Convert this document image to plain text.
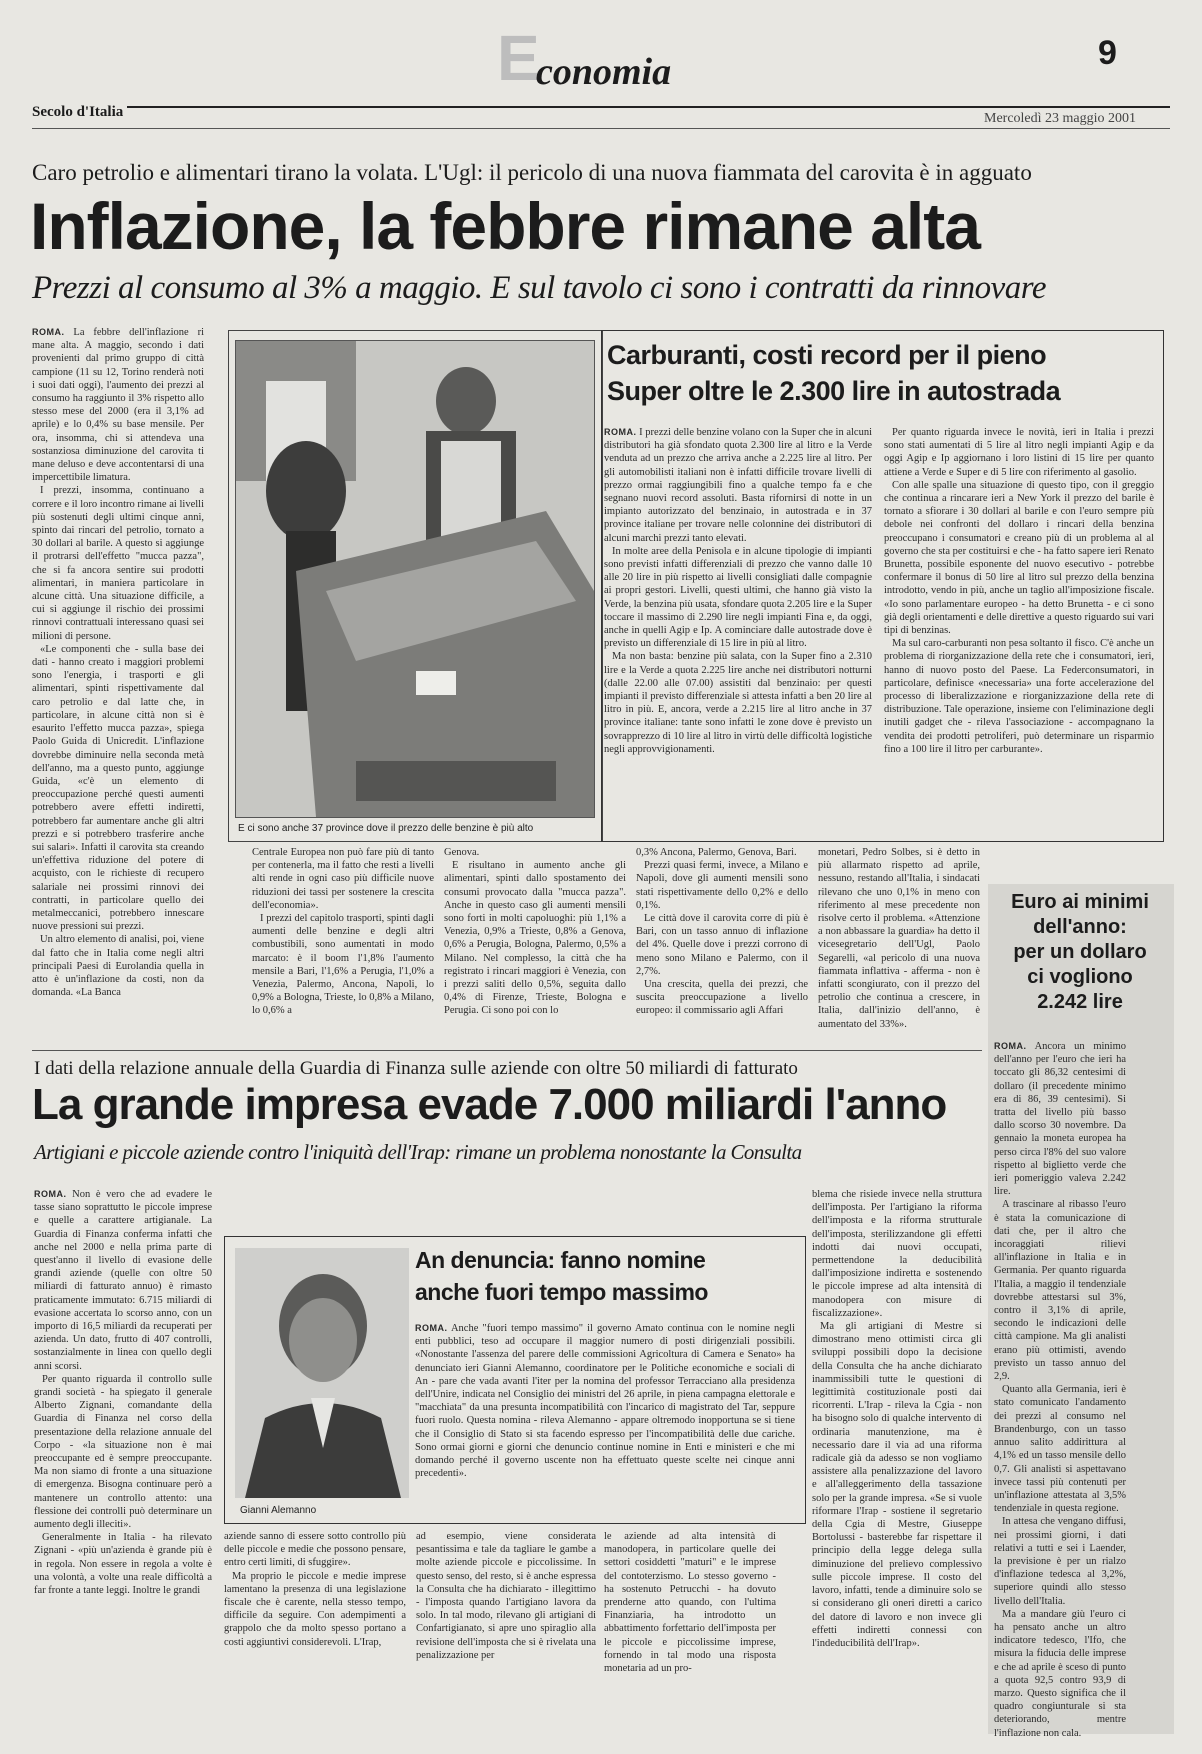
E
conomia	9
Secolo d'Italia	Mercoledì 23 maggio 2001
Caro petrolio e alimentari tirano la volata. L'Ugl: il pericolo di una nuova fiammata del carovita è in agguato
Inflazione, la febbre rimane alta
Prezzi al consumo al 3% a maggio. E sul tavolo ci sono i contratti da rinnovare

ROMA. La febbre dell'inflazione ri mane alta. A maggio, secondo i dati provenienti dal primo gruppo di città campione (11 su 12, Torino renderà noti i suoi dati oggi), l'aumento dei prezzi al consumo ha raggiunto il 3% rispetto allo stesso mese del 2000 (era il 3,1% ad aprile) e lo 0,4% su base mensile. Per ora, insomma, chi si attendeva una sostanziosa diminuzione del carovita ti mane deluso e deve accontentarsi di una impercettibile limatura.

I prezzi, insomma, continuano a correre e il loro incontro rimane ai livelli più sostenuti degli ultimi cinque anni, spinto dai rincari del petrolio, tornato a 30 dollari al barile. A questo si aggiunge il protrarsi dell'effetto "mucca pazza", che si fa ancora sentire sui prodotti alimentari, in maniera particolare in alcune città. Una situazione difficile, a cui si aggiunge il rischio dei prossimi rinnovi contrattuali interessano quasi sei milioni di persone.

«Le componenti che - sulla base dei dati - hanno creato i maggiori problemi sono l'energia, i trasporti e gli alimentari, spinti rispettivamente dal caro petrolio e dal latte che, in particolare, in alcune città non si è esaurito l'effetto mucca pazza», spiega Paolo Guida di Unicredit. L'inflazione dovrebbe diminuire nella seconda metà dell'anno, ma a questo punto, aggiunge Guida, «c'è un elemento di preoccupazione perché questi aumenti potrebbero avere effetti indiretti, potrebbero far aumentare anche gli altri prezzi e si potrebbero trasferire anche sui salari». Infatti il carovita sta creando un'effettiva riduzione del potere di acquisto, con le richieste di recupero salariale nei prossimi rinnovi dei contratti, in particolare quello dei metalmeccanici, potrebbero innescare nuove pressioni sui prezzi.

Un altro elemento di analisi, poi, viene dal fatto che in Italia come negli altri principali Paesi di Eurolandia quella in atto è un'inflazione da costi, non da domanda. «La Banca

E ci sono anche 37 province dove il prezzo delle benzine è più alto
Carburanti, costi record per il pieno
Super oltre le 2.300 lire in autostrada

ROMA. I prezzi delle benzine volano con la Super che in alcuni distributori ha già sfondato quota 2.300 lire al litro e la Verde venduta ad un prezzo che arriva anche a 2.225 lire al litro. Per gli automobilisti italiani non è infatti difficile trovare livelli di prezzo ormai raggiungibili fino a qualche tempo fa e che segnano nuovi record assoluti. Basta rifornirsi di notte in un impianto autorizzato del benzinaio, in autostrada e in 37 province italiane per trovare nelle colonnine dei distributori di alcuni marchi prezzi tanto elevati.

In molte aree della Penisola e in alcune tipologie di impianti sono previsti infatti differenziali di prezzo che vanno dalle 10 alle 20 lire in più rispetto ai livelli consigliati dalle compagnie ai propri gestori. Livelli, questi ultimi, che hanno già visto la Verde, la benzina più usata, sfondare quota 2.205 lire e la Super toccare il massimo di 2.290 lire negli impianti Fina e, da oggi, anche in quelli Agip e Ip. A cominciare dalle autostrade dove è previsto un differenziale di 15 lire in più al litro.

Ma non basta: benzine più salata, con la Super fino a 2.310 lire e la Verde a quota 2.225 lire anche nei distributori notturni (dalle 22.00 alle 07.00) assistiti dal benzinaio: per questi impianti il previsto differenziale si attesta infatti a ben 20 lire al litro in più. E, ancora, verde a 2.215 lire al litro anche in 37 province italiane: tante sono infatti le zone dove è previsto un sovrapprezzo di 10 lire al litro in virtù delle difficoltà logistiche negli approvvigionamenti.

Per quanto riguarda invece le novità, ieri in Italia i prezzi sono stati aumentati di 5 lire al litro negli impianti Agip e da oggi Agip e Ip aggiornano i loro listini di 15 lire per quanto attiene a Verde e Super e di 5 lire con riferimento al gasolio.

Con alle spalle una situazione di questo tipo, con il greggio che continua a rincarare ieri a New York il prezzo del barile è tornato a sfiorare i 30 dollari al barile e con l'euro sempre più debole nei confronti del dollaro i rincari della benzina preoccupano i consumatori e creano più di un problema al al governo che sta per costituirsi e che - ha fatto sapere ieri Renato Brunetta, possibile esponente del nuovo esecutivo - potrebbe confermare il bonus di 50 lire al litro sul prezzo della benzina introdotto, vendo in più, anche un taglio all'imposizione fiscale. «Io sono parlamentare europeo - ha detto Brunetta - e ci sono già degli orientamenti e delle direttive a questo riguardo sui vari tipi di benzinas.

Ma sul caro-carburanti non pesa soltanto il fisco. C'è anche un problema di riorganizzazione della rete che i consumatori, ieri, hanno di nuovo posto del Paese. La Federconsumatori, in particolare, definisce «necessaria» una forte accelerazione del processo di liberalizzazione e riorganizzazione della rete di distribuzione. Tale operazione, insieme con l'eliminazione degli inutili gadget che - rileva l'associazione - accompagnano la vendita dei prodotti petroliferi, può determinare un risparmio fino a 100 lire il litro per carburante».

Centrale Europea non può fare più di tanto per contenerla, ma il fatto che resti a livelli alti rende in ogni caso più difficile nuove riduzioni dei tassi per sostenere la crescita dell'economia».

I prezzi del capitolo trasporti, spinti dagli aumenti delle benzine e degli altri combustibili, sono aumentati in modo marcato: è il boom l'1,8% l'aumento mensile a Bari, l'1,6% a Perugia, l'1,0% a Venezia, Palermo, Ancona, Napoli, lo 0,9% a Bologna, Trieste, lo 0,8% a Milano, lo 0,6% a

Genova.

E risultano in aumento anche gli alimentari, spinti dallo spostamento dei consumi provocato dalla "mucca pazza". Anche in questo caso gli aumenti mensili sono forti in molti capoluoghi: più 1,1% a Venezia, 0,9% a Trieste, 0,8% a Genova, 0,6% a Perugia, Bologna, Palermo, 0,5% a Milano. Nel complesso, la città che ha registrato i rincari maggiori è Venezia, con i prezzi saliti dello 0,5%, seguita dallo 0,4% di Firenze, Trieste, Bologna e Perugia. Ci sono poi con lo

0,3% Ancona, Palermo, Genova, Bari.

Prezzi quasi fermi, invece, a Milano e Napoli, dove gli aumenti mensili sono stati rispettivamente dello 0,2% e dello 0,1%.

Le città dove il carovita corre di più è Bari, con un tasso annuo di inflazione del 4%. Quelle dove i prezzi corrono di meno sono Milano e Palermo, con il 2,7%.

Una crescita, quella dei prezzi, che suscita preoccupazione a livello europeo: il commissario agli Affari

monetari, Pedro Solbes, si è detto in più allarmato rispetto ad aprile, nessuno, restando all'Italia, i sindacati rilevano che uno 0,1% in meno con riferimento al mese precedente non risolve certo il problema. «Attenzione a non abbassare la guardia» ha detto il vicesegretario dell'Ugl, Paolo Segarelli, «al pericolo di una nuova fiammata inflattiva - afferma - non è infatti scongiurato, con il prezzo del petrolio che continua a crescere, in Italia, dall'inizio dell'anno, è aumentato del 33%».

Euro ai minimi
dell'anno:
per un dollaro
ci vogliono
2.242 lire

ROMA. Ancora un minimo dell'anno per l'euro che ieri ha toccato gli 86,32 centesimi di dollaro (il precedente minimo era di 86, 39 centesimi). Si tratta del livello più basso dallo scorso 30 novembre. Da gennaio la moneta europea ha perso circa l'8% del suo valore rispetto al biglietto verde che ieri pomeriggio valeva 2.242 lire.

A trascinare al ribasso l'euro è stata la comunicazione di dati che, per il altro che incoraggiati rilievi all'inflazione in Italia e in Germania. Per quanto riguarda l'Italia, a maggio il tendenziale dovrebbe attestarsi sul 3%, contro il 3,1% di aprile, secondo le indicazioni delle città campione. Ma gli analisti erano più ottimisti, avendo previsto un tasso annuo del 2,9.

Quanto alla Germania, ieri è stato comunicato l'andamento dei prezzi al consumo nel Brandenburgo, con un tasso annuo salito addirittura al 4,1% ed un tasso mensile dello 0,7. Gli analisti si aspettavano invece tassi più contenuti per un'inflazione attestata al 3,5% tendenziale in questa regione.

In attesa che vengano diffusi, nei prossimi giorni, i dati relativi a tutti e sei i Laender, la previsione è per un rialzo d'inflazione tedesca al 3,2%, superiore quindi allo stesso livello dell'Italia.

Ma a mandare giù l'euro ci ha pensato anche un altro indicatore tedesco, l'Ifo, che misura la fiducia delle imprese e che ad aprile è sceso di punto a quota 92,5 contro 93,9 di marzo. Questo significa che il quadro congiunturale si sta deteriorando, mentre l'inflazione non cala.

I dati della relazione annuale della Guardia di Finanza sulle aziende con oltre 50 miliardi di fatturato
La grande impresa evade 7.000 miliardi l'anno
Artigiani e piccole aziende contro l'iniquità dell'Irap: rimane un problema nonostante la Consulta

ROMA. Non è vero che ad evadere le tasse siano soprattutto le piccole imprese e quelle a carattere artigianale. La Guardia di Finanza conferma infatti che anche nel 2000 e nella prima parte di quest'anno il livello di evasione delle grandi aziende (quelle con oltre 50 miliardi di fatturato annuo) è rimasto praticamente immutato: 6.715 miliardi di evasione accertata lo scorso anno, con un importo di 16,5 miliardi da recuperati per azienda. Un dato, frutto di 407 controlli, sostanzialmente in linea con quello degli anni scorsi.

Per quanto riguarda il controllo sulle grandi società - ha spiegato il generale Alberto Zignani, comandante della Guardia di Finanza nel corso della presentazione della relazione annuale del Corpo - «la situazione non è mai preoccupante ed è sempre preoccupante. Ma non siamo di fronte a una situazione di emergenza. Bisogna continuare però a mantenere un controllo attento: una flessione dei controlli può determinare un aumento degli illeciti».

Generalmente in Italia - ha rilevato Zignani - «più un'azienda è grande più è in regola. Non essere in regola a volte è una volontà, a volte una reale difficoltà a far fronte a tante leggi. Inoltre le grandi

Gianni Alemanno
An denuncia: fanno nomine
anche fuori tempo massimo

ROMA. Anche "fuori tempo massimo" il governo Amato continua con le nomine negli enti pubblici, teso ad occupare il maggior numero di posti dirigenziali possibili. «Nonostante l'assenza del parere delle commissioni Agricoltura di Camera e Senato» ha denunciato ieri Gianni Alemanno, coordinatore per le Politiche economiche e sociali di An - pare che vada avanti l'iter per la nomina del professor Terracciano alla presidenza dell'Unire, indicata nel Consiglio dei ministri del 26 aprile, in piena campagna elettorale e "macchiata" da una presunta incompatibilità con l'incarico di magistrato del Tar, seppure fuori ruolo. Questa nomina - rileva Alemanno - appare oltremodo inopportuna se si tiene che il Consiglio di Stato si sta facendo espresso per l'incompatibilità delle due cariche. Sono ormai giorni e giorni che denuncio continue nomine in Enti e ministeri e che mi domando perché il governo uscente non ha effettuato queste scelte nei cinque anni precedenti».

aziende sanno di essere sotto controllo più delle piccole e medie che possono pensare, entro certi limiti, di sfuggire».

Ma proprio le piccole e medie imprese lamentano la presenza di una legislazione fiscale che è carente, nella stesso tempo, difficile da seguire. Con adempimenti a grappolo che da molto spesso portano a costi aggiuntivi considerevoli. L'Irap,

ad esempio, viene considerata pesantissima e tale da tagliare le gambe a molte aziende piccole e piccolissime. In questo senso, del resto, si è anche espressa la Consulta che ha dichiarato - illegittimo - l'imposta quando l'artigiano lavora da solo. In tal modo, rilevano gli artigiani di Confartigianato, si apre uno spiraglio alla revisione dell'imposta che si è rivelata una penalizzazione per

le aziende ad alta intensità di manodopera, in particolare quelle dei settori cosiddetti "maturi" e le imprese del contoterzismo. Lo stesso governo - ha sostenuto Petrucchi - ha dovuto prenderne atto quando, con l'ultima Finanziaria, ha introdotto un abbattimento forfettario dell'imposta per le piccole e piccolissime imprese, fornendo in tal modo una risposta monetaria ad un pro-

blema che risiede invece nella struttura dell'imposta. Per l'artigiano la riforma dell'imposta e la riforma strutturale dell'imposta, sterilizzandone gli effetti indotti dai nuovi occupati, permettendone la deducibilità dall'imposizione indiretta e sostenendo le piccole imprese ad alta intensità di manodopera con misure di fiscalizzazione».

Ma gli artigiani di Mestre si dimostrano meno ottimisti circa gli sviluppi possibili dopo la decisione della Consulta che ha anche dichiarato inammissibili tutte le questioni di legittimità costituzionale posti dai ricorrenti. L'Irap - rileva la Cgia - non ha bisogno solo di qualche intervento di ordinaria manutenzione, ma è necessario dare il via ad una riforma radicale già da adesso se non vogliamo assistere alla penalizzazione del lavoro e all'alleggerimento della tassazione solo per la grande impresa. «Se si vuole riformare l'Irap - sostiene il segretario della Cgia di Mestre, Giuseppe Bortolussi - basterebbe far rispettare il principio della legge delega sulla diminuzione del prelievo complessivo sulle piccole imprese. Il costo del lavoro, infatti, tende a diminuire solo se si considerano gli oneri diretti a carico del datore di lavoro e non invece gli effetti indiretti connessi con l'indeducibilità dell'Irap».
